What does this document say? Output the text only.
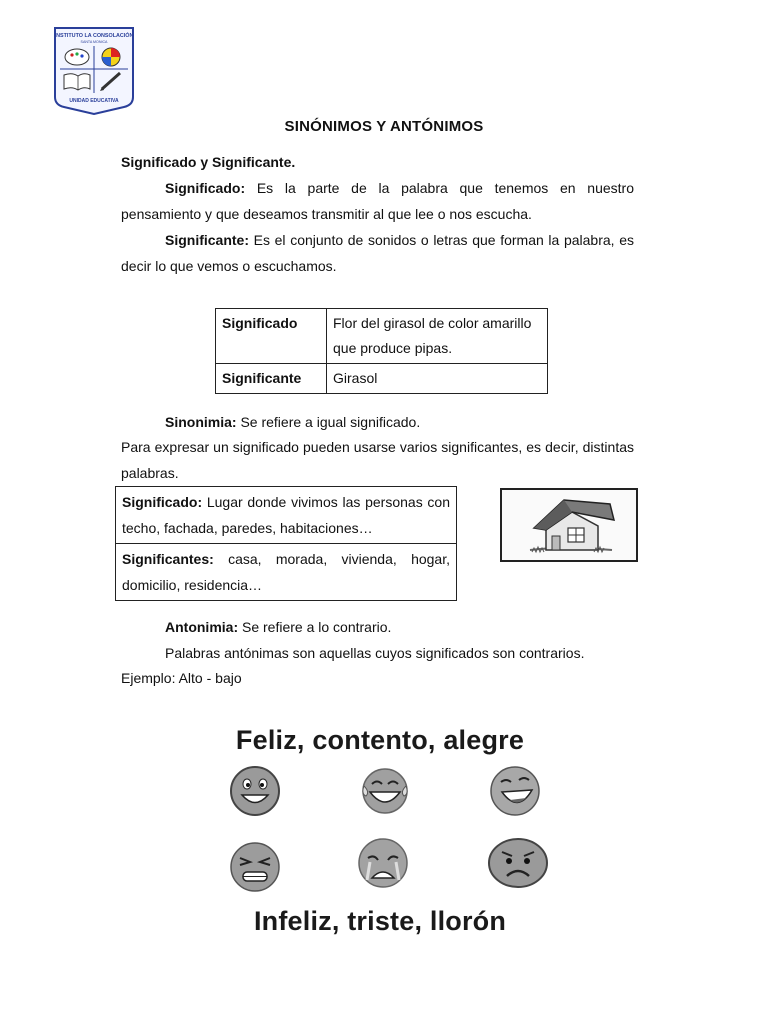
INSTITUTO LA CONSOLACIÓN
SANTA MONICA
UNIDAD EDUCATIVA
SINÓNIMOS Y ANTÓNIMOS
Significado y Significante.
Significado: Es la parte de la palabra que tenemos en nuestro pensamiento y que deseamos transmitir al que lee o nos escucha.
Significante: Es el conjunto de sonidos o letras que forman la palabra, es decir lo que vemos o escuchamos.
Significado	Flor del girasol de color amarillo
que produce pipas.

Significante	Girasol
Sinonimia: Se refiere a igual significado.
Para expresar un significado pueden usarse varios significantes, es decir, distintas palabras.
Significado: Lugar donde vivimos las personas con techo, fachada, paredes, habitaciones…
Significantes: casa, morada, vivienda, hogar, domicilio, residencia…
Antonimia: Se refiere a lo contrario.
Palabras antónimas son aquellas cuyos significados son contrarios.
Ejemplo: Alto - bajo
Feliz, contento, alegre
Infeliz, triste, llorón
